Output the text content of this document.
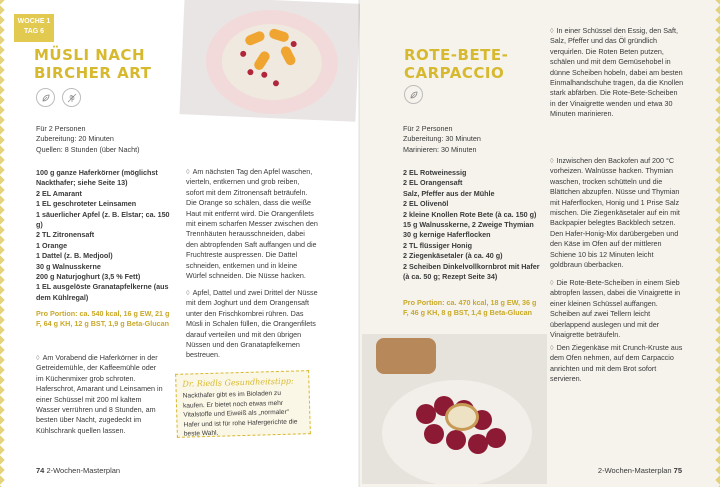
WOCHE 1
TAG 6
MÜSLI NACH
BIRCHER ART

Für 2 Personen

Zubereitung: 20 Minuten

Quellen: 8 Stunden (über Nacht)

100 g ganze Haferkörner (möglichst Nackthafer; siehe Seite 13)

2 EL Amarant

1 EL geschroteter Leinsamen

1 säuerlicher Apfel (z. B. Elstar; ca. 150 g)

2 TL Zitronensaft

1 Orange

1 Dattel (z. B. Medjool)

30 g Walnusskerne

200 g Naturjoghurt (3,5 % Fett)

1 EL ausgelöste Granatapfelkerne (aus dem Kühlregal)

Pro Portion: ca. 540 kcal, 16 g EW, 21 g F, 64 g KH, 12 g BST, 1,9 g Beta-Glucan
◊ Am Vorabend die Haferkörner in der Getreidemühle, der Kaffeemühle oder im Küchenmixer grob schroten. Haferschrot, Amarant und Leinsamen in einer Schüssel mit 200 ml kaltem Wasser verrühren und 8 Stunden, am besten über Nacht, zugedeckt im Kühlschrank quellen lassen.
◊ Am nächsten Tag den Apfel waschen, vierteln, entkernen und grob reiben, sofort mit dem Zitronensaft beträufeln. Die Orange so schälen, dass die weiße Haut mit entfernt wird. Die Orangenfilets mit einem scharfen Messer zwischen den Trennhäuten herausschneiden, dabei den abtropfenden Saft auffangen und die Fruchtreste auspressen. Die Dattel schneiden, entkernen und in kleine Würfel schneiden. Die Nüsse hacken.
◊ Apfel, Dattel und zwei Drittel der Nüsse mit dem Joghurt und dem Orangensaft unter den Frischkornbrei rühren. Das Müsli in Schalen füllen, die Orangenfilets darauf verteilen und mit den übrigen Nüssen und den Granatapfelkernen bestreuen.

Dr. Riedls Gesundheitstipp:

Nackthafer gibt es im Bioladen zu kaufen. Er bietet noch etwas mehr Vitalstoffe und Eiweiß als „normaler“ Hafer und ist für rohe Hafergerichte die beste Wahl.

74 2-Wochen-Masterplan
ROTE-BETE-
CARPACCIO

Für 2 Personen

Zubereitung: 30 Minuten

Marinieren: 30 Minuten

2 EL Rotweinessig

2 EL Orangensaft

Salz, Pfeffer aus der Mühle

2 EL Olivenöl

2 kleine Knollen Rote Bete (à ca. 150 g)

15 g Walnusskerne, 2 Zweige Thymian

30 g kernige Haferflocken

2 TL flüssiger Honig

2 Ziegenkäsetaler (à ca. 40 g)

2 Scheiben Dinkelvollkornbrot mit Hafer (à ca. 50 g; Rezept Seite 34)

Pro Portion: ca. 470 kcal, 18 g EW, 36 g F, 46 g KH, 8 g BST, 1,4 g Beta-Glucan
◊ In einer Schüssel den Essig, den Saft, Salz, Pfeffer und das Öl gründlich verquirlen. Die Roten Beten putzen, schälen und mit dem Gemüsehobel in dünne Scheiben hobeln, dabei am besten Einmalhandschuhe tragen, da die Knollen stark abfärben. Die Rote-Bete-Scheiben in der Vinaigrette wenden und etwa 30 Minuten marinieren.
◊ Inzwischen den Backofen auf 200 °C vorheizen. Walnüsse hacken. Thymian waschen, trocken schütteln und die Blättchen abzupfen. Nüsse und Thymian mit Haferflocken, Honig und 1 Prise Salz mischen. Die Ziegenkäsetaler auf ein mit Backpapier belegtes Backblech setzen. Den Hafer-Honig-Mix darübergeben und den Käse im Ofen auf der mittleren Schiene 10 bis 12 Minuten leicht goldbraun überbacken.
◊ Die Rote-Bete-Scheiben in einem Sieb abtropfen lassen, dabei die Vinaigrette in einer kleinen Schüssel auffangen. Scheiben auf zwei Tellern leicht überlappend auslegen und mit der Vinaigrette beträufeln.
◊ Den Ziegenkäse mit Crunch-Kruste aus dem Ofen nehmen, auf dem Carpaccio anrichten und mit dem Brot sofort servieren.
2-Wochen-Masterplan 75
